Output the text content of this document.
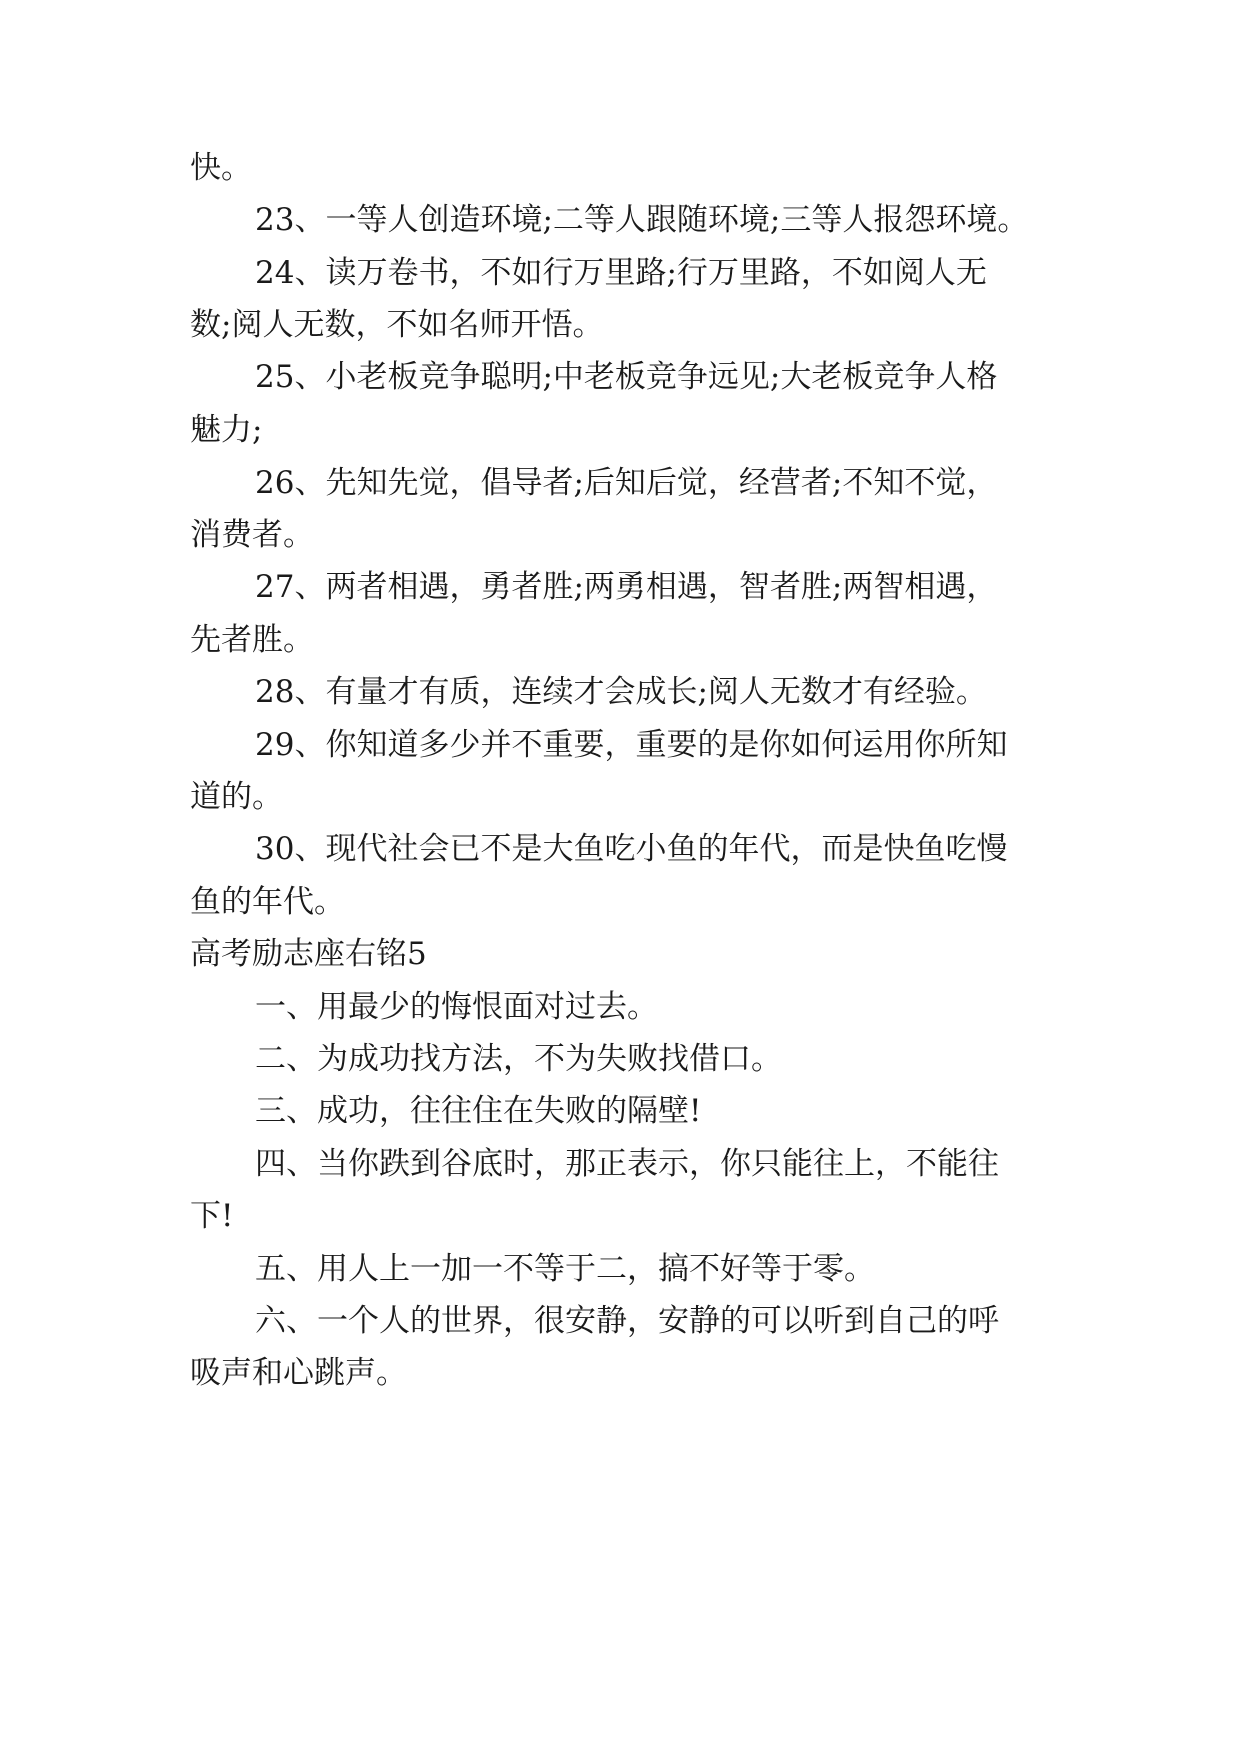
快。
23、一等人创造环境;二等人跟随环境;三等人报怨环境。
24、读万卷书，不如行万里路;行万里路，不如阅人无
数;阅人无数，不如名师开悟。
25、小老板竞争聪明;中老板竞争远见;大老板竞争人格
魅力;
26、先知先觉，倡导者;后知后觉，经营者;不知不觉，
消费者。
27、两者相遇，勇者胜;两勇相遇，智者胜;两智相遇，
先者胜。
28、有量才有质，连续才会成长;阅人无数才有经验。
29、你知道多少并不重要，重要的是你如何运用你所知
道的。
30、现代社会已不是大鱼吃小鱼的年代，而是快鱼吃慢
鱼的年代。
高考励志座右铭5
一、用最少的悔恨面对过去。
二、为成功找方法，不为失败找借口。
三、成功，往往住在失败的隔壁!
四、当你跌到谷底时，那正表示，你只能往上，不能往
下!
五、用人上一加一不等于二，搞不好等于零。
六、一个人的世界，很安静，安静的可以听到自己的呼
吸声和心跳声。
